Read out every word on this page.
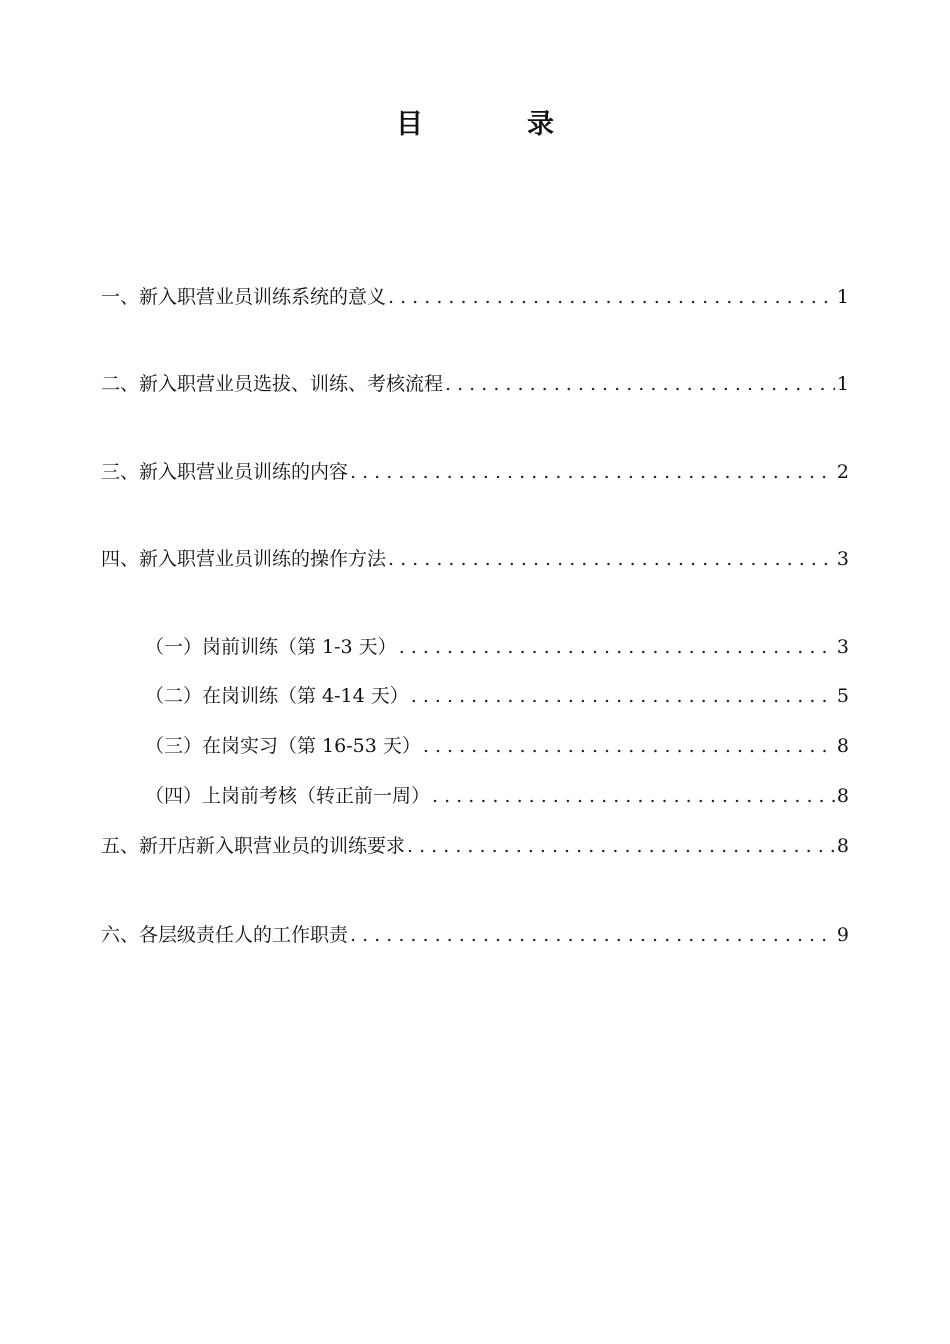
目	录
一、新入职营业员训练系统的意义 . . .	1
二、新入职营业员选拔、训练、考核流程 . . .	1
三、新入职营业员训练的内容 . . .	2
四、新入职营业员训练的操作方法 . . .	3
（一）岗前训练（第 1-3 天） . . .	3
（二）在岗训练（第 4-14 天） . . .	5
（三）在岗实习（第 16-53 天） . . .	8
（四）上岗前考核（转正前一周） . . .	8
五、新开店新入职营业员的训练要求 . . .	8
六、各层级责任人的工作职责 . . .	9
